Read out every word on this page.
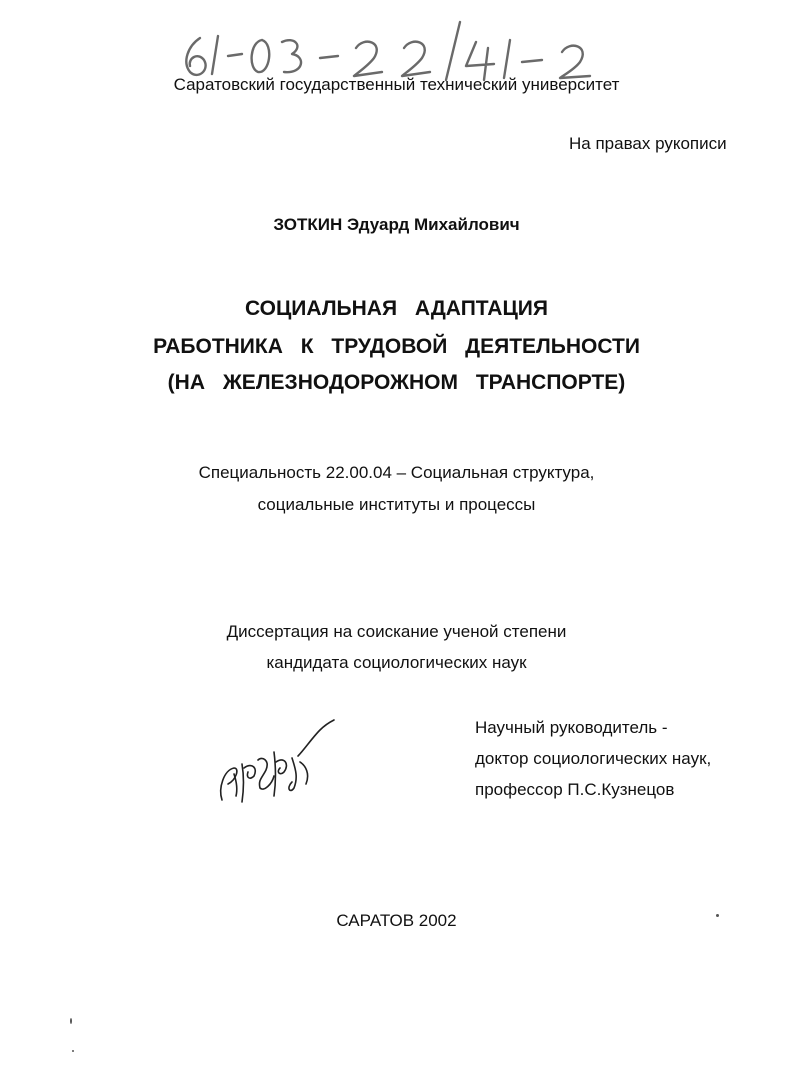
Саратовский государственный технический университет
На правах рукописи
ЗОТКИН Эдуард Михайлович
СОЦИАЛЬНАЯ АДАПТАЦИЯ
РАБОТНИКА К ТРУДОВОЙ ДЕЯТЕЛЬНОСТИ
(НА ЖЕЛЕЗНОДОРОЖНОМ ТРАНСПОРТЕ)
Специальность 22.00.04 – Социальная структура,
социальные институты и процессы
Диссертация на соискание ученой степени
кандидата социологических наук
Научный руководитель -
доктор социологических наук,
профессор П.С.Кузнецов
САРАТОВ 2002
